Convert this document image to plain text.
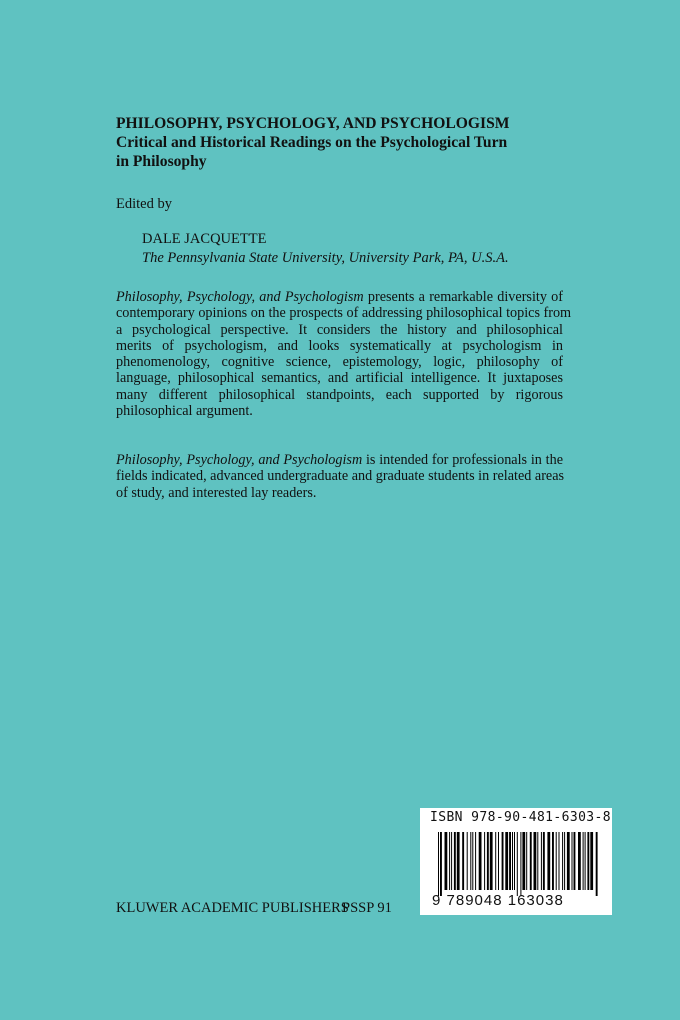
PHILOSOPHY, PSYCHOLOGY, AND PSYCHOLOGISM
Critical and Historical Readings on the Psychological Turn
in Philosophy
Edited by
DALE JACQUETTE
The Pennsylvania State University, University Park, PA, U.S.A.
Philosophy, Psychology, and Psychologism presents a remarkable diversity of
contemporary opinions on the prospects of addressing philosophical topics from
a psychological perspective. It considers the history and philosophical
merits of psychologism, and looks systematically at psychologism in
phenomenology, cognitive science, epistemology, logic, philosophy of
language, philosophical semantics, and artificial intelligence. It juxtaposes
many different philosophical standpoints, each supported by rigorous
philosophical argument.
Philosophy, Psychology, and Psychologism is intended for professionals in the
fields indicated, advanced undergraduate and graduate students in related areas
of study, and interested lay readers.
KLUWER ACADEMIC PUBLISHERS
PSSP 91
ISBN 978-90-481-6303-8
9 789048 163038
